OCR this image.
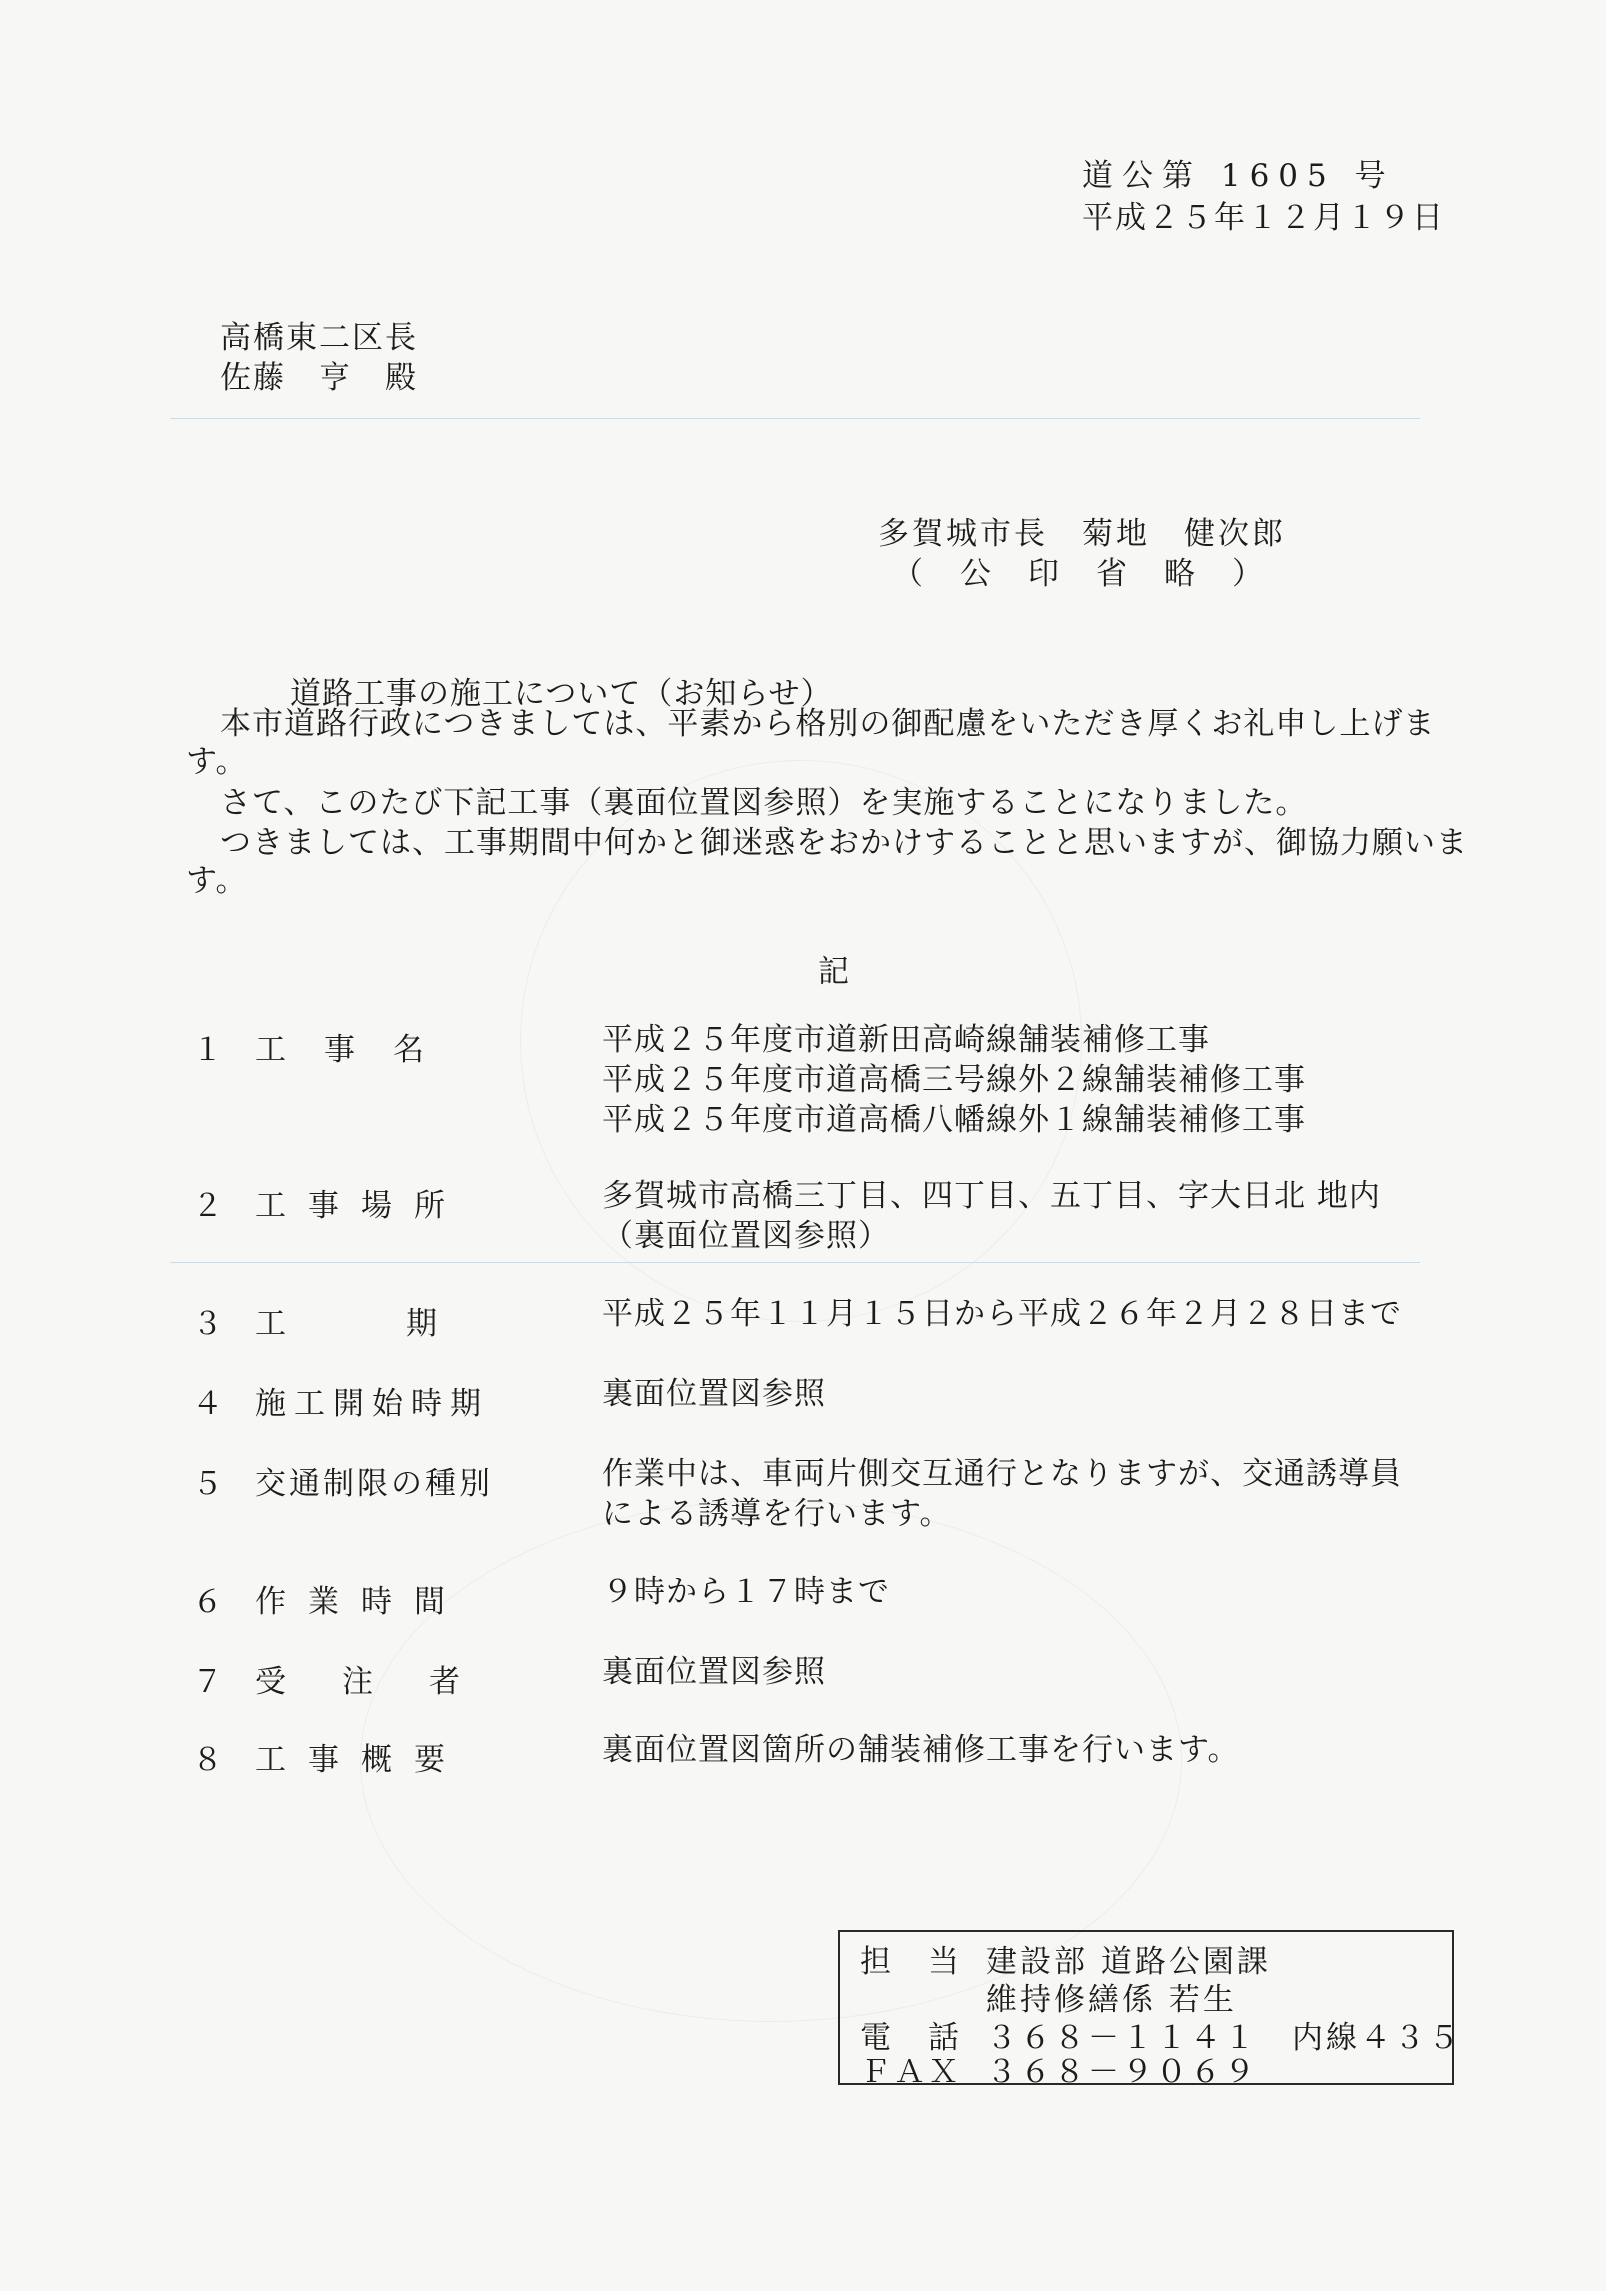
道公第 1605 号
平成２５年１２月１９日
高橋東二区長
佐藤　亨　殿
多賀城市長　菊地　健次郎
（　公　印　省　略　）
道路工事の施工について（お知らせ）
本市道路行政につきましては、平素から格別の御配慮をいただき厚くお礼申し上げます。
さて、このたび下記工事（裏面位置図参照）を実施することになりました。
つきましては、工事期間中何かと御迷惑をおかけすることと思いますが、御協力願います。
記
１ 工事名	平成２５年度市道新田高崎線舗装補修工事
平成２５年度市道高橋三号線外２線舗装補修工事
平成２５年度市道高橋八幡線外１線舗装補修工事
２ 工事場所	多賀城市高橋三丁目、四丁目、五丁目、字大日北 地内
（裏面位置図参照）
３ 工期 平成２５年１１月１５日から平成２６年２月２８日まで
４ 施工開始時期	裏面位置図参照
５ 交通制限の種別	作業中は、車両片側交互通行となりますが、交通誘導員
による誘導を行います。
６ 作業時間	９時から１７時まで
７ 受注者	裏面位置図参照
８ 工事概要	裏面位置図箇所の舗装補修工事を行います。
担　当 建設部 道路公園課
維持修繕係 若生
電　話 ３６８－１１４１　内線４３５
ＦＡＸ ３６８－９０６９
